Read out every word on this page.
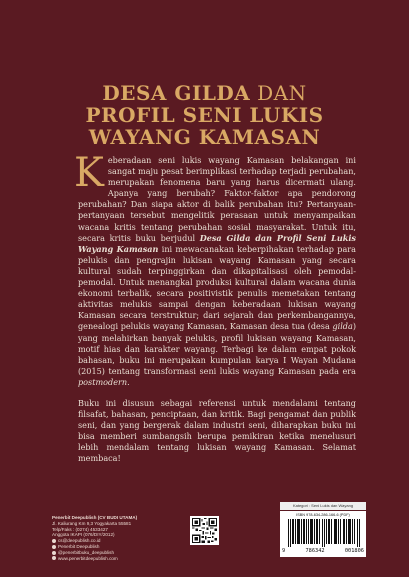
DESA GILDA DAN
PROFIL SENI LUKIS
WAYANG KAMASAN

Keberadaan seni lukis wayang Kamasan belakangan ini sangat maju pesat berimplikasi terhadap terjadi perubahan, merupakan fenomena baru yang harus dicermati ulang. Apanya yang berubah? Faktor-faktor apa pendorong perubahan? Dan siapa aktor di balik perubahan itu? Pertanyaan-pertanyaan tersebut mengelitik perasaan untuk menyampaikan wacana kritis tentang perubahan sosial masyarakat. Untuk itu, secara kritis buku berjudul Desa Gilda dan Profil Seni Lukis Wayang Kamasan ini mewacanakan keberpihakan terhadap para pelukis dan pengrajin lukisan wayang Kamasan yang secara kultural sudah terpinggirkan dan dikapitalisasi oleh pemodal-pemodal. Untuk menangkal produksi kultural dalam wacana dunia ekonomi terbalik, secara positivistik penulis memetakan tentang aktivitas melukis sampai dengan keberadaan lukisan wayang Kamasan secara terstruktur; dari sejarah dan perkembangannya, genealogi pelukis wayang Kamasan, Kamasan desa tua (desa gilda) yang melahirkan banyak pelukis, profil lukisan wayang Kamasan, motif hias dan karakter wayang. Terbagi ke dalam empat pokok bahasan, buku ini merupakan kumpulan karya I Wayan Mudana (2015) tentang transformasi seni lukis wayang Kamasan pada era postmodern.

Buku ini disusun sebagai referensi untuk mendalami tentang filsafat, bahasan, penciptaan, dan kritik. Bagi pengamat dan publik seni, dan yang bergerak dalam industri seni, diharapkan buku ini bisa memberi sumbangsih berupa pemikiran ketika menelusuri lebih mendalam tentang lukisan wayang Kamasan. Selamat membaca!

Penerbit Deepublish (CV BUDI UTAMA)
Jl. Kaliurang Km 9,3 Yogyakarta 55581
Telp/Faks : (0274) 4533427
Anggota IKAPI (076/DIY/2012)
cs@deepublish.co.id
Penerbit Deepublish
@penerbitbuku_deepublish
www.penerbitdeepublish.com
Kategori : Seni Lukis dan Wayang
ISBN 978-634-286-166-6 (PDF)
9	786342	001806
